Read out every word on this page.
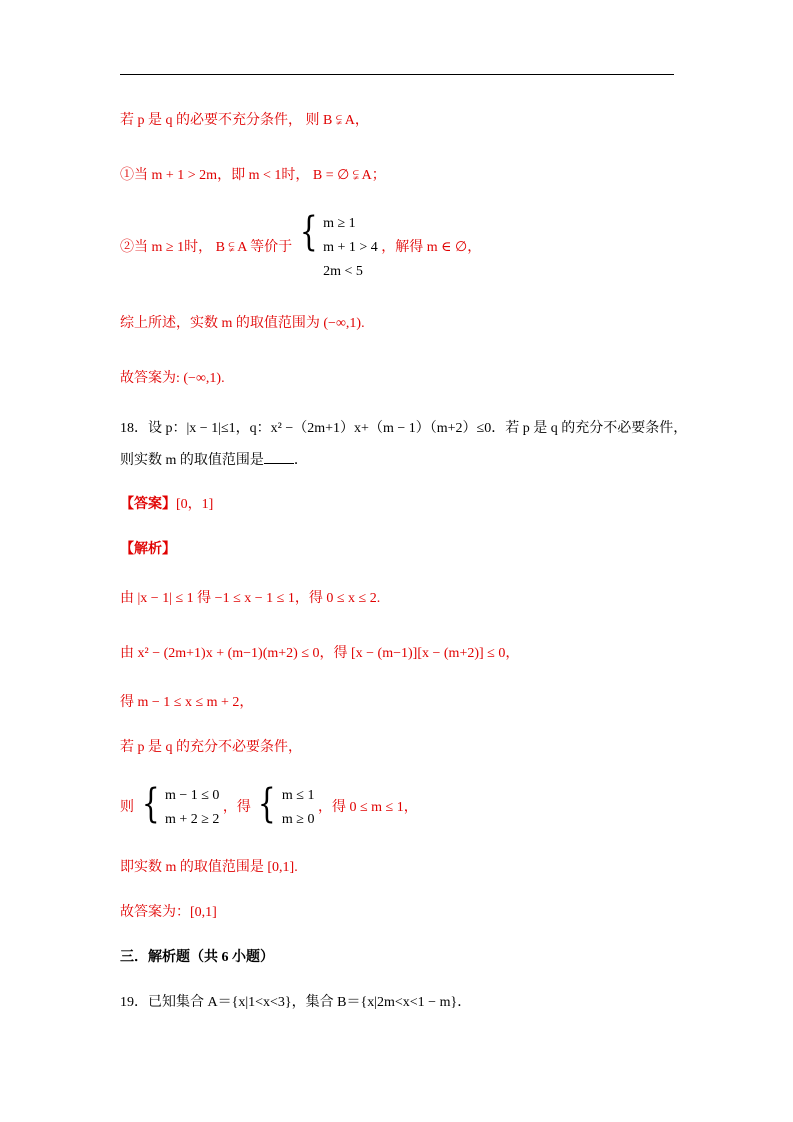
若 p 是 q 的必要不充分条件， 则 B ⫋ A，
①当 m + 1 > 2m，即 m < 1时， B = ∅ ⫋ A；
②当 m ≥ 1时， B ⫋ A 等价于 { m ≥ 1
m + 1 > 4
2m < 5
，解得 m ∈ ∅，
综上所述，实数 m 的取值范围为 (−∞,1).
故答案为: (−∞,1).
18．设 p：|x − 1|≤1，q：x² −（2m+1）x+（m − 1）（m+2）≤0．若 p 是 q 的充分不必要条件，
则实数 m 的取值范围是 ．
【答案】[0，1]
【解析】
由 |x − 1| ≤ 1 得 −1 ≤ x − 1 ≤ 1，得 0 ≤ x ≤ 2.
由 x² − (2m+1)x + (m−1)(m+2) ≤ 0，得 [x − (m−1)][x − (m+2)] ≤ 0，
得 m − 1 ≤ x ≤ m + 2，
若 p 是 q 的充分不必要条件，
则 { m − 1 ≤ 0
m + 2 ≥ 2
，得 { m ≤ 1
m ≥ 0
，得 0 ≤ m ≤ 1，
即实数 m 的取值范围是 [0,1].
故答案为：[0,1]
三．解析题（共 6 小题）
19．已知集合 A＝{x|1<x<3}，集合 B＝{x|2m<x<1 − m}．
